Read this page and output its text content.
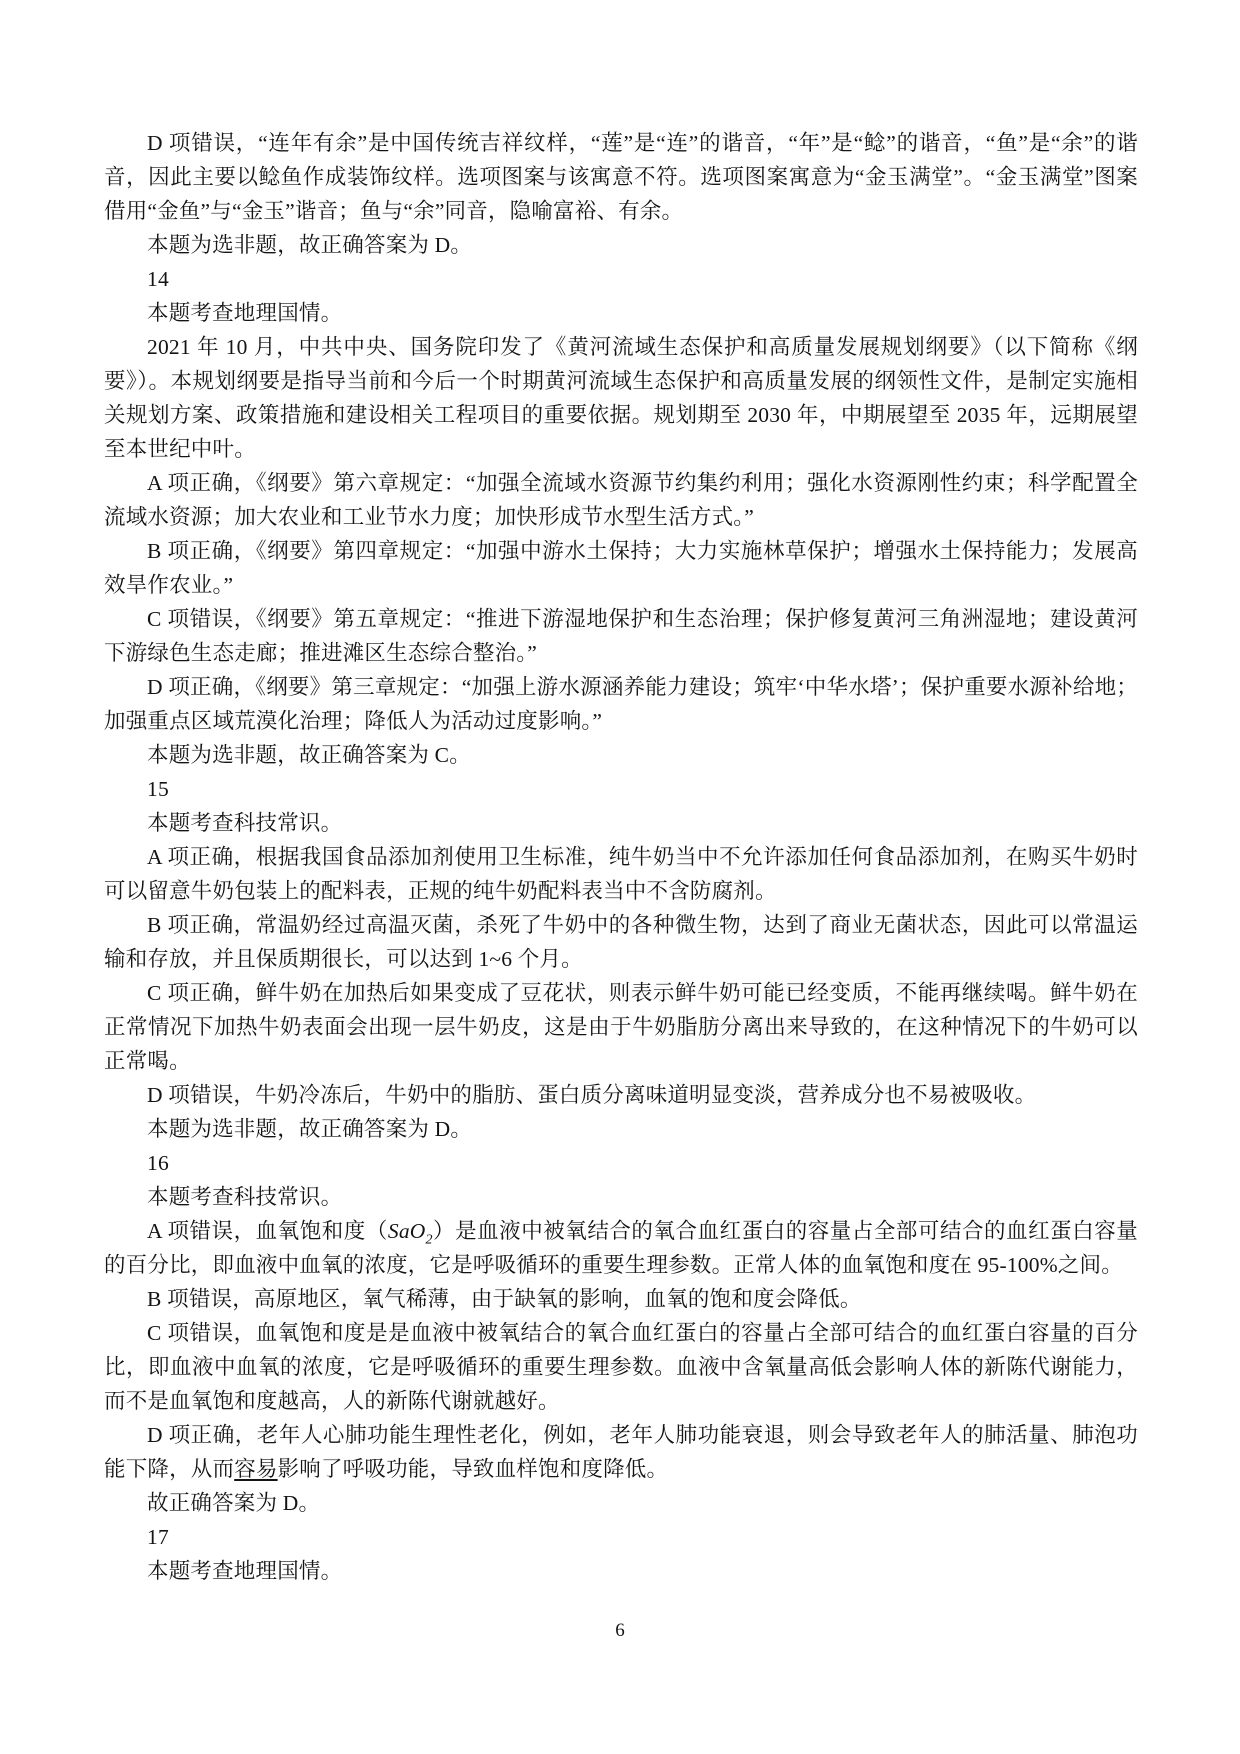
D 项错误，“连年有余”是中国传统吉祥纹样，“莲”是“连”的谐音，“年”是“鲶”的谐音，“鱼”是“余”的谐音，因此主要以鲶鱼作成装饰纹样。选项图案与该寓意不符。选项图案寓意为“金玉满堂”。“金玉满堂”图案借用“金鱼”与“金玉”谐音；鱼与“余”同音，隐喻富裕、有余。

本题为选非题，故正确答案为 D。

14

本题考查地理国情。

2021 年 10 月，中共中央、国务院印发了《黄河流域生态保护和高质量发展规划纲要》（以下简称《纲要》）。本规划纲要是指导当前和今后一个时期黄河流域生态保护和高质量发展的纲领性文件，是制定实施相关规划方案、政策措施和建设相关工程项目的重要依据。规划期至 2030 年，中期展望至 2035 年，远期展望至本世纪中叶。

A 项正确，《纲要》第六章规定：“加强全流域水资源节约集约利用；强化水资源刚性约束；科学配置全流域水资源；加大农业和工业节水力度；加快形成节水型生活方式。”

B 项正确，《纲要》第四章规定：“加强中游水土保持；大力实施林草保护；增强水土保持能力；发展高效旱作农业。”

C 项错误，《纲要》第五章规定：“推进下游湿地保护和生态治理；保护修复黄河三角洲湿地；建设黄河下游绿色生态走廊；推进滩区生态综合整治。”

D 项正确，《纲要》第三章规定：“加强上游水源涵养能力建设；筑牢‘中华水塔’；保护重要水源补给地；加强重点区域荒漠化治理；降低人为活动过度影响。”

本题为选非题，故正确答案为 C。

15

本题考查科技常识。

A 项正确，根据我国食品添加剂使用卫生标准，纯牛奶当中不允许添加任何食品添加剂，在购买牛奶时可以留意牛奶包装上的配料表，正规的纯牛奶配料表当中不含防腐剂。

B 项正确，常温奶经过高温灭菌，杀死了牛奶中的各种微生物，达到了商业无菌状态，因此可以常温运输和存放，并且保质期很长，可以达到 1~6 个月。

C 项正确，鲜牛奶在加热后如果变成了豆花状，则表示鲜牛奶可能已经变质，不能再继续喝。鲜牛奶在正常情况下加热牛奶表面会出现一层牛奶皮，这是由于牛奶脂肪分离出来导致的，在这种情况下的牛奶可以正常喝。

D 项错误，牛奶冷冻后，牛奶中的脂肪、蛋白质分离味道明显变淡，营养成分也不易被吸收。

本题为选非题，故正确答案为 D。

16

本题考查科技常识。

A 项错误，血氧饱和度（SaO$_2$）是血液中被氧结合的氧合血红蛋白的容量占全部可结合的血红蛋白容量的百分比，即血液中血氧的浓度，它是呼吸循环的重要生理参数。正常人体的血氧饱和度在 95-100%之间。

B 项错误，高原地区，氧气稀薄，由于缺氧的影响，血氧的饱和度会降低。

C 项错误，血氧饱和度是是血液中被氧结合的氧合血红蛋白的容量占全部可结合的血红蛋白容量的百分比，即血液中血氧的浓度，它是呼吸循环的重要生理参数。血液中含氧量高低会影响人体的新陈代谢能力，而不是血氧饱和度越高，人的新陈代谢就越好。

D 项正确，老年人心肺功能生理性老化，例如，老年人肺功能衰退，则会导致老年人的肺活量、肺泡功能下降，从而容易影响了呼吸功能，导致血样饱和度降低。

故正确答案为 D。

17

本题考查地理国情。

6
